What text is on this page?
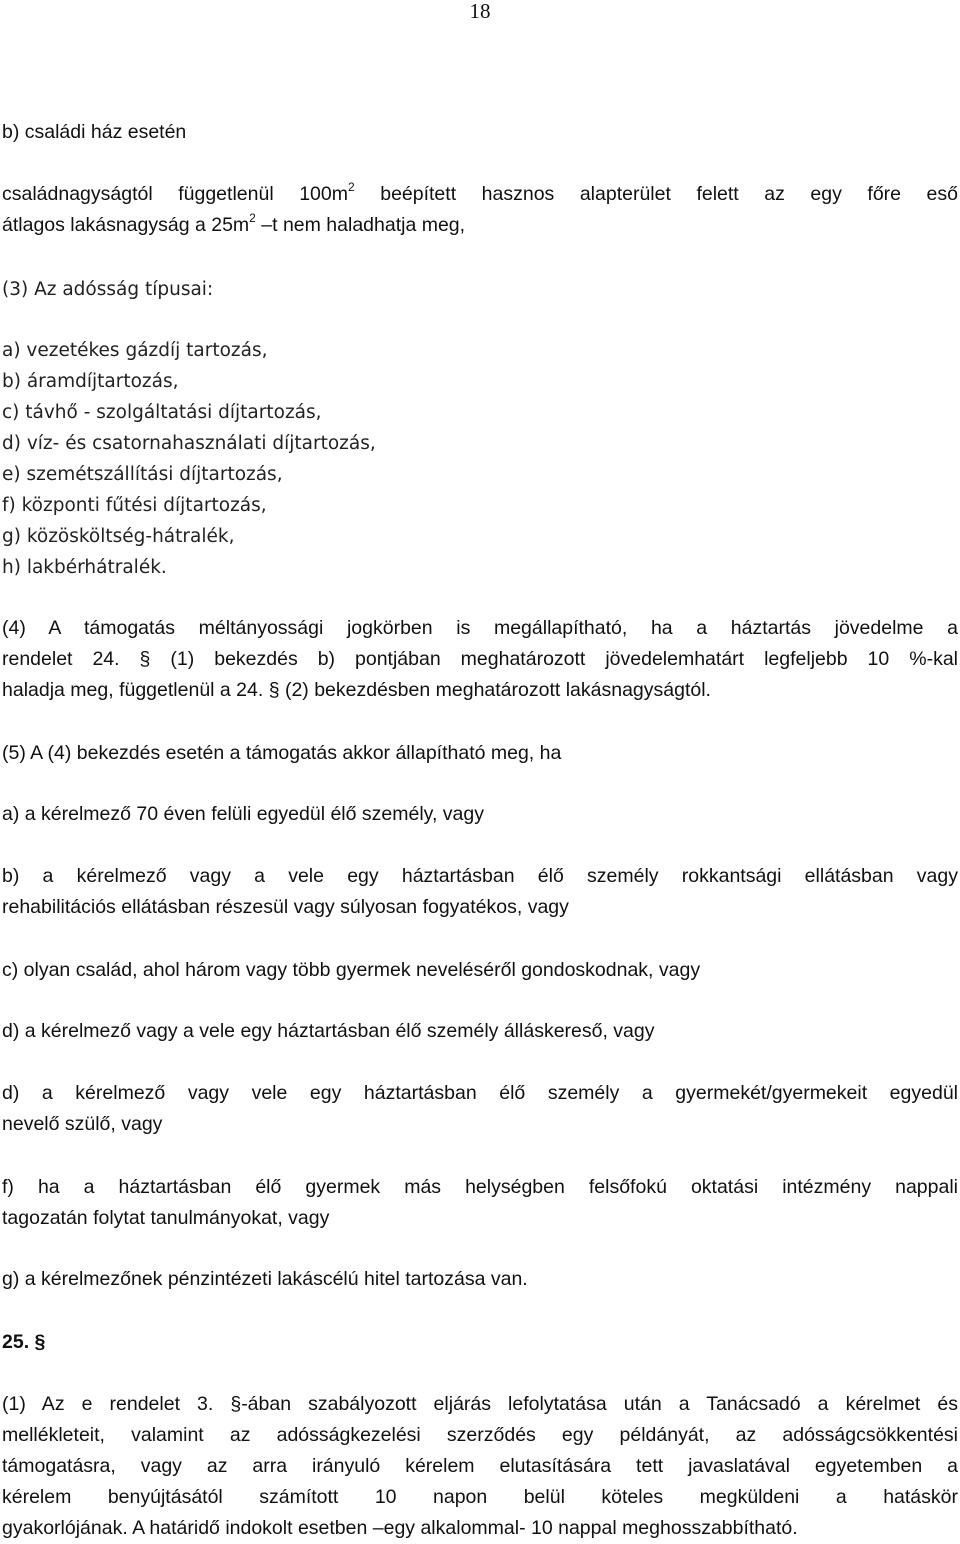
18
b) családi ház esetén
családnagyságtól függetlenül $100m^2$ beépített hasznos alapterület felett az egy főre eső
átlagos lakásnagyság a $25m^2$ –t nem haladhatja meg,
(3) Az adósság típusai:
a) vezetékes gázdíj tartozás,
b) áramdíjtartozás,
c) távhő - szolgáltatási díjtartozás,
d) víz- és csatornahasználati díjtartozás,
e) szemétszállítási díjtartozás,
f) központi fűtési díjtartozás,
g) közösköltség-hátralék,
h) lakbérhátralék.
(4) A támogatás méltányossági jogkörben is megállapítható, ha a háztartás jövedelme a
rendelet 24. § (1) bekezdés b) pontjában meghatározott jövedelemhatárt legfeljebb 10 %-kal
haladja meg, függetlenül a 24. § (2) bekezdésben meghatározott lakásnagyságtól.
(5) A (4) bekezdés esetén a támogatás akkor állapítható meg, ha
a) a kérelmező 70 éven felüli egyedül élő személy, vagy
b) a kérelmező vagy a vele egy háztartásban élő személy rokkantsági ellátásban vagy
rehabilitációs ellátásban részesül vagy súlyosan fogyatékos, vagy
c) olyan család, ahol három vagy több gyermek neveléséről gondoskodnak, vagy
d) a kérelmező vagy a vele egy háztartásban élő személy álláskereső, vagy
d) a kérelmező vagy vele egy háztartásban élő személy a gyermekét/gyermekeit egyedül
nevelő szülő, vagy
f) ha a háztartásban élő gyermek más helységben felsőfokú oktatási intézmény nappali
tagozatán folytat tanulmányokat, vagy
g) a kérelmezőnek pénzintézeti lakáscélú hitel tartozása van.
25. §
(1) Az e rendelet 3. §-ában szabályozott eljárás lefolytatása után a Tanácsadó a kérelmet és
mellékleteit, valamint az adósságkezelési szerződés egy példányát, az adósságcsökkentési
támogatásra, vagy az arra irányuló kérelem elutasítására tett javaslatával egyetemben a
kérelem benyújtásától számított 10 napon belül köteles megküldeni a hatáskör
gyakorlójának. A határidő indokolt esetben –egy alkalommal- 10 nappal meghosszabbítható.
